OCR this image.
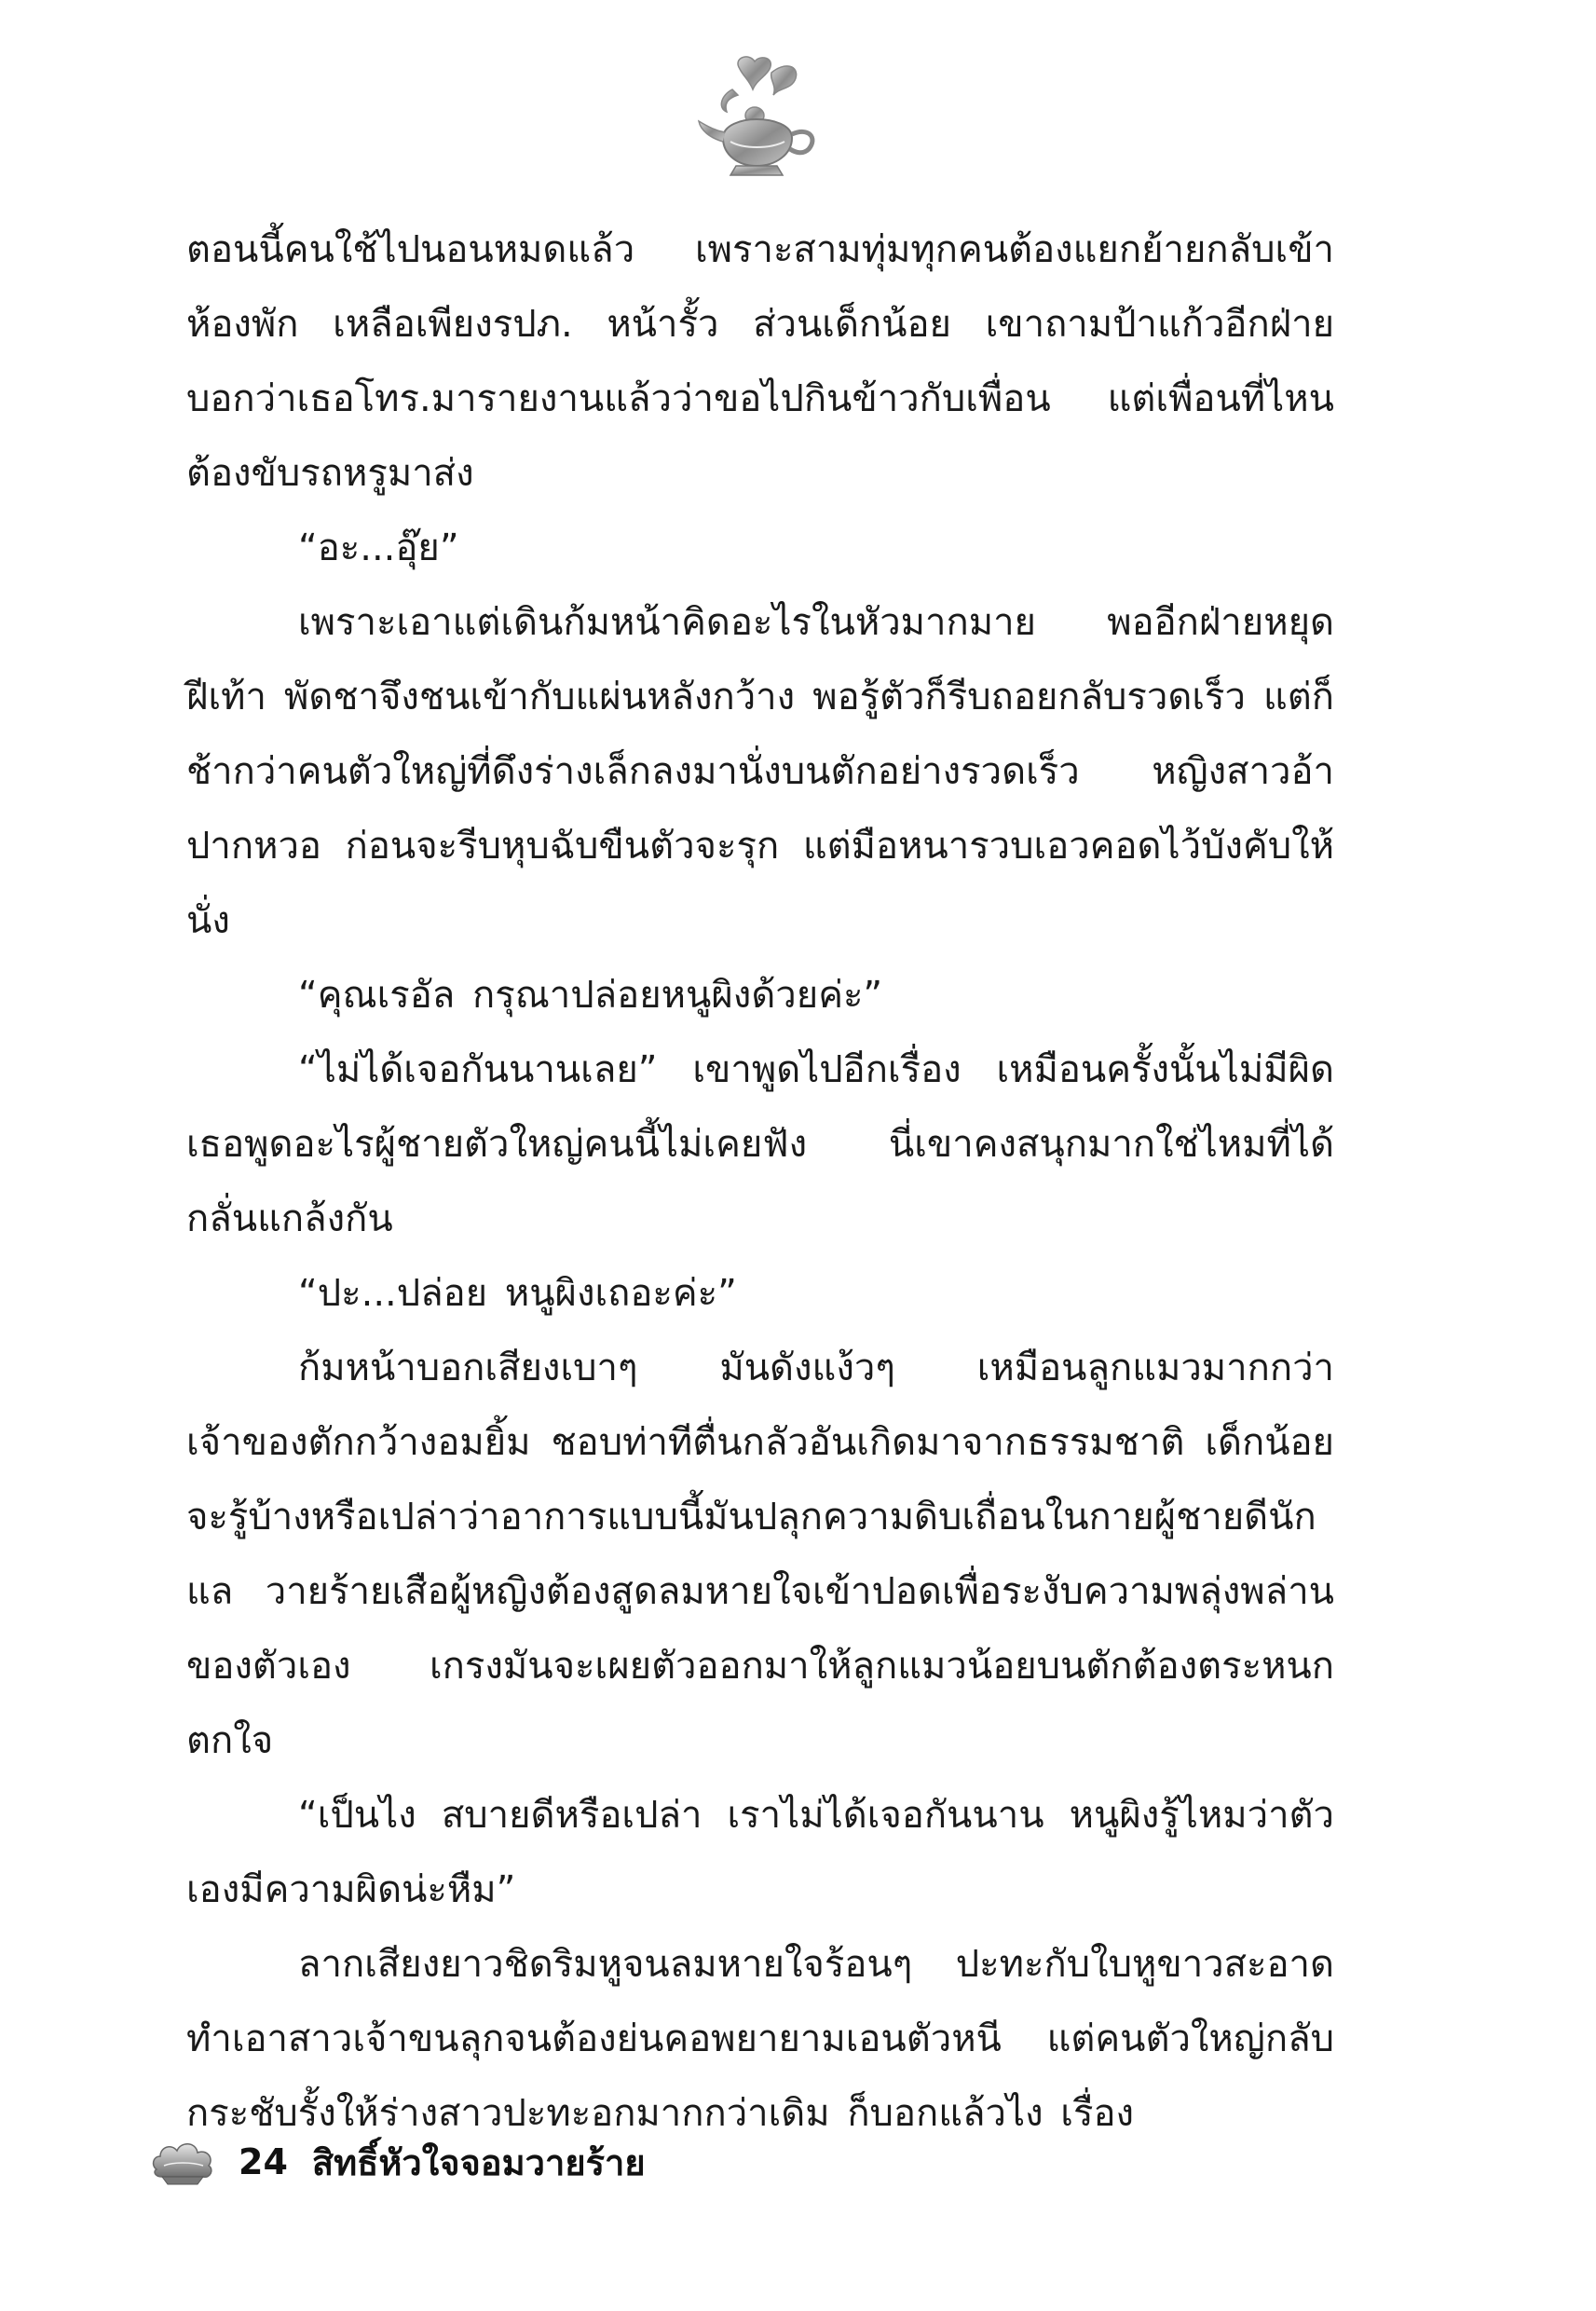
ตอนนี้คนใช้ไปนอนหมดแล้ว เพราะสามทุ่มทุกคนต้องแยกย้ายกลับเข้าห้องพัก เหลือเพียงรปภ. หน้ารั้ว ส่วนเด็กน้อย เขาถามป้าแก้วอีกฝ่ายบอกว่าเธอโทร.มารายงานแล้วว่าขอไปกินข้าวกับเพื่อน แต่เพื่อนที่ไหนต้องขับรถหรูมาส่ง

“อะ...อุ๊ย”

เพราะเอาแต่เดินก้มหน้าคิดอะไรในหัวมากมาย พออีกฝ่ายหยุดฝีเท้า พัดชาจึงชนเข้ากับแผ่นหลังกว้าง พอรู้ตัวก็รีบถอยกลับรวดเร็ว แต่ก็ช้ากว่าคนตัวใหญ่ที่ดึงร่างเล็กลงมานั่งบนตักอย่างรวดเร็ว หญิงสาวอ้าปากหวอ ก่อนจะรีบหุบฉับขืนตัวจะรุก แต่มือหนารวบเอวคอดไว้บังคับให้นั่ง

“คุณเรอัล กรุณาปล่อยหนูผิงด้วยค่ะ”

“ไม่ได้เจอกันนานเลย” เขาพูดไปอีกเรื่อง เหมือนครั้งนั้นไม่มีผิด เธอพูดอะไรผู้ชายตัวใหญ่คนนี้ไม่เคยฟัง นี่เขาคงสนุกมากใช่ไหมที่ได้กลั่นแกล้งกัน

“ปะ...ปล่อย หนูผิงเถอะค่ะ”

ก้มหน้าบอกเสียงเบาๆ มันดังแง้วๆ เหมือนลูกแมวมากกว่า เจ้าของตักกว้างอมยิ้ม ชอบท่าทีตื่นกลัวอันเกิดมาจากธรรมชาติ เด็กน้อยจะรู้บ้างหรือเปล่าว่าอาการแบบนี้มันปลุกความดิบเถื่อนในกายผู้ชายดีนักแล วายร้ายเสือผู้หญิงต้องสูดลมหายใจเข้าปอดเพื่อระงับความพลุ่งพล่านของตัวเอง เกรงมันจะเผยตัวออกมาให้ลูกแมวน้อยบนตักต้องตระหนกตกใจ

“เป็นไง สบายดีหรือเปล่า เราไม่ได้เจอกันนาน หนูผิงรู้ไหมว่าตัวเองมีความผิดน่ะหืม”

ลากเสียงยาวชิดริมหูจนลมหายใจร้อนๆ ปะทะกับใบหูขาวสะอาด ทำเอาสาวเจ้าขนลุกจนต้องย่นคอพยายามเอนตัวหนี แต่คนตัวใหญ่กลับกระชับรั้งให้ร่างสาวปะทะอกมากกว่าเดิม ก็บอกแล้วไง เรื่อง

24 สิทธิ์หัวใจจอมวายร้าย
